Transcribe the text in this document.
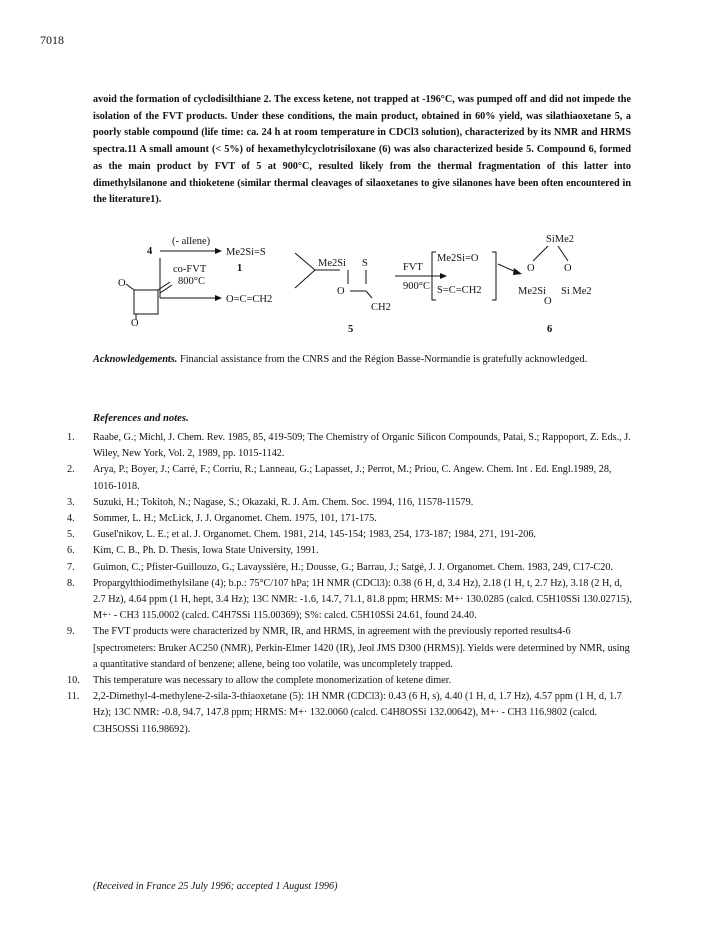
7018
avoid the formation of cyclodisilthiane 2. The excess ketene, not trapped at -196°C, was pumped off and did not impede the isolation of the FVT products. Under these conditions, the main product, obtained in 60% yield, was silathiaoxetane 5, a poorly stable compound (life time: ca. 24 h at room temperature in CDCl3 solution), characterized by its NMR and HRMS spectra.11 A small amount (< 5%) of hexamethylcyclotrisiloxane (6) was also characterized beside 5. Compound 6, formed as the main product by FVT of 5 at 900°C, resulted likely from the thermal fragmentation of this latter into dimethylsilanone and thioketene (similar thermal cleavages of silaoxetanes to give silanones have been often encountered in the literature1).
4
(- allene)
Me2Si=S
1
co-FVT
800°C
O=C=CH2
O
O
Me2Si S
O
CH2
5
FVT
900°C
Me2Si=O
S=C=CH2
SiMe2
O	O
Me2Si
O
Si Me2
6
Acknowledgements. Financial assistance from the CNRS and the Région Basse-Normandie is gratefully acknowledged.
References and notes.
1.	Raabe, G.; Michl, J. Chem. Rev. 1985, 85, 419-509; The Chemistry of Organic Silicon Compounds, Patai, S.; Rappoport, Z. Eds., J. Wiley, New York, Vol. 2, 1989, pp. 1015-1142.
2.	Arya, P.; Boyer, J.; Carré, F.; Corriu, R.; Lanneau, G.; Lapasset, J.; Perrot, M.; Priou, C. Angew. Chem. Int . Ed. Engl.1989, 28, 1016-1018.
3.	Suzuki, H.; Tokitoh, N.; Nagase, S.; Okazaki, R. J. Am. Chem. Soc. 1994, 116, 11578-11579.
4.	Sommer, L. H.; McLick, J. J. Organomet. Chem. 1975, 101, 171-175.
5.	Gusel'nikov, L. E.; et al. J. Organomet. Chem. 1981, 214, 145-154; 1983, 254, 173-187; 1984, 271, 191-206.
6.	Kim, C. B., Ph. D. Thesis, Iowa State University, 1991.
7.	Guimon, C.; Pfister-Guillouzo, G.; Lavayssière, H.; Dousse, G.; Barrau, J.; Satgé, J. J. Organomet. Chem. 1983, 249, C17-C20.
8.	Propargylthiodimethylsilane (4); b.p.: 75°C/107 hPa; 1H NMR (CDCl3): 0.38 (6 H, d, 3.4 Hz), 2.18 (1 H, t, 2.7 Hz), 3.18 (2 H, d, 2.7 Hz), 4.64 ppm (1 H, hept, 3.4 Hz); 13C NMR: -1.6, 14.7, 71.1, 81.8 ppm; HRMS: M+· 130.0285 (calcd. C5H10SSi 130.02715), M+· - CH3 115.0002 (calcd. C4H7SSi 115.00369); S%: calcd. C5H10SSi 24.61, found 24.40.
9.	The FVT products were characterized by NMR, IR, and HRMS, in agreement with the previously reported results4-6 [spectrometers: Bruker AC250 (NMR), Perkin-Elmer 1420 (IR), Jeol JMS D300 (HRMS)]. Yields were determined by NMR, using a quantitative standard of benzene; allene, being too volatile, was uncompletely trapped.
10.	This temperature was necessary to allow the complete monomerization of ketene dimer.
11.	2,2-Dimethyl-4-methylene-2-sila-3-thiaoxetane (5): 1H NMR (CDCl3): 0.43 (6 H, s), 4.40 (1 H, d, 1.7 Hz), 4.57 ppm (1 H, d, 1.7 Hz); 13C NMR: -0.8, 94.7, 147.8 ppm; HRMS: M+· 132.0060 (calcd. C4H8OSSi 132.00642), M+· - CH3 116.9802 (calcd. C3H5OSSi 116.98692).
(Received in France 25 July 1996; accepted 1 August 1996)
